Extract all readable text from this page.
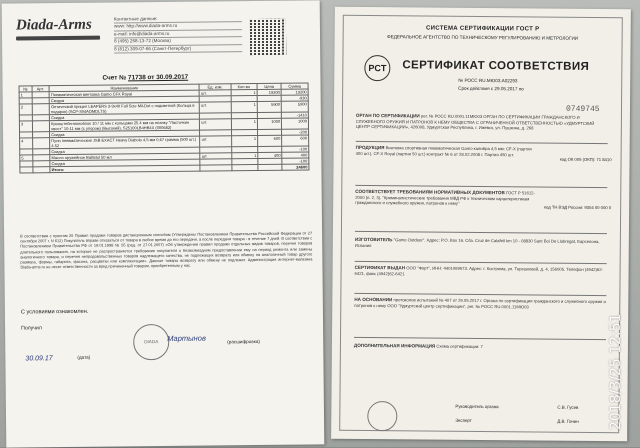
Diada-Arms	Контактные данные:
www: http://www.diada-arms.ru
e-mail: info@diada-arms.ru
8 (495) 268-13-72 (Москва)
8 (812) 309-07-66 (Санкт-Петербург)
Счет № 71738 от 30.09.2017
№	Арт.	Наименование	Ед. изм.	Кол-во	Цена	Сумма
1		Пневматическая винтовка Gamo CFX Royal	шт.	1	19200	19200
		Скидка				-930
2		Оптический прицел LEAPERS 3-9x40 Full Size Mil-Dot с подсветкой (Кольца в подарок) (SCP-394AOMDLTS)	шт.	1	5900	5900
		Скидка				-1410
3		Кронштейн-моноблок 10 / 11 мм с кольцами 25.4 мм на планку "Ласточкин хвост" 10-11 мм (с упором) (Высокий), S25100LB4HB4X (000682)	шт.	1	1000	1000
		Скидка				-200
4		Пули пневматические JSB EXACT Heavy Diabolo 4,5 мм 0,67 грамма (500 шт.) 4.52	шт.	1	600	600
		Скидка				-100
5		Масло оружейное Ballistol 50 мл	шт.	1	400	400
		Скидка				-100
		Итого:				24600
В соответствии с пунктом 25 Правил продажи товаров дистанционным способом (Утверждены Постановлением Правительства Российской Федерации от 27 сентября 2007 г. N 612) Покупатель вправе отказаться от товара в любое время до его передачи, а после передачи товара - в течение 7 дней. В соответствии с Постановлением Правительства РФ от 19.01.1998 № 55 (ред. от 27.01.2007) «Об утверждении правил продажи отдельных видов товаров, перечня товаров длительного пользования, на которые не распространяется требование покупателя о безвозмездном предоставлении ему на период ремонта или замены аналогичного товара, и перечня непродовольственных товаров надлежащего качества, не подлежащих возврату или обмену на аналогичный товар другого размера, формы, габарита, фасона, расцветки или комплектации». Данные товары возврату или обмену не подлежат. Администрация интернет-магазина Diada-arms.ru не несет ответственности за вред причиненный товаром, приобретенным у нас.
С условиями ознакомлен.
Получил
30.09.17	(дата)
DIADA	Мартынов	(расшифровка)
СИСТЕМА СЕРТИФИКАЦИИ ГОСТ Р
ФЕДЕРАЛЬНОЕ АГЕНТСТВО ПО ТЕХНИЧЕСКОМУ РЕГУЛИРОВАНИЮ И МЕТРОЛОГИИ
PCT	СЕРТИФИКАТ СООТВЕТСТВИЯ
№ РОСС RU.МЮ03.А02293
Срок действия с 29.05.2017 по
0749745
ОРГАН ПО СЕРТИФИКАЦИИ рег. № РОСС RU.0001.11МЮ03 ОРГАН ПО СЕРТИФИКАЦИИ ГРАЖДАНСКОГО И СЛУЖЕБНОГО ОРУЖИЯ И ПАТРОНОВ К НЕМУ ОБЩЕСТВА С ОГРАНИЧЕННОЙ ОТВЕТСТВЕННОСТЬЮ «УДМУРТСКИЙ ЦЕНТР СЕРТИФИКАЦИИ», 426008, Удмуртская Республика, г. Ижевск, ул. Пушкина, д. 268
ПРОДУКЦИЯ Винтовка спортивная пневматическая Gamo калибра 4,5 мм: CF-X (партия 400 шт.), CF-X Royal (партия 50 шт.) контракт № 6 от 28.02.2008 г. Партия 450 шт.
код ОК 005 (ОКП): 71 8410
СООТВЕТСТВУЕТ ТРЕБОВАНИЯМ НОРМАТИВНЫХ ДОКУМЕНТОВ ГОСТ Р 51612-2000 (п. 2, 3). "Криминалистические требования МВД РФ к техническим характеристикам гражданского и служебного оружия, патронов к нему"
код ТН ВЭД России: 9304 00 000 0
ИЗГОТОВИТЕЛЬ "Gamo Outdoor". Адрес: P.O. Box 16. C/la. Cruz de Calafell km 10 - 08830 Sant Boi De Llobregat, Барселона, Испания
СЕРТИФИКАТ ВЫДАН ООО "Форт", ИНН: 4401069573. Адрес: г. Кострома, ул. Терешковой, д. 4, 156005. Телефон (4942)62-6421, факс (4942)62-6421
НА ОСНОВАНИИ протоколов испытаний № 407 от 29.05.2017 г. Органа по сертификации гражданского и служебного оружия и патронов к нему ООО "Удмуртский центр сертификации", рег. № РОСС RU.0001.11МЮ03
ДОПОЛНИТЕЛЬНАЯ ИНФОРМАЦИЯ Схема сертификации: 7
Руководитель органа	С.В. Гусев
Эксперт	Д.В. Гонин 2018/3/25 12:51
